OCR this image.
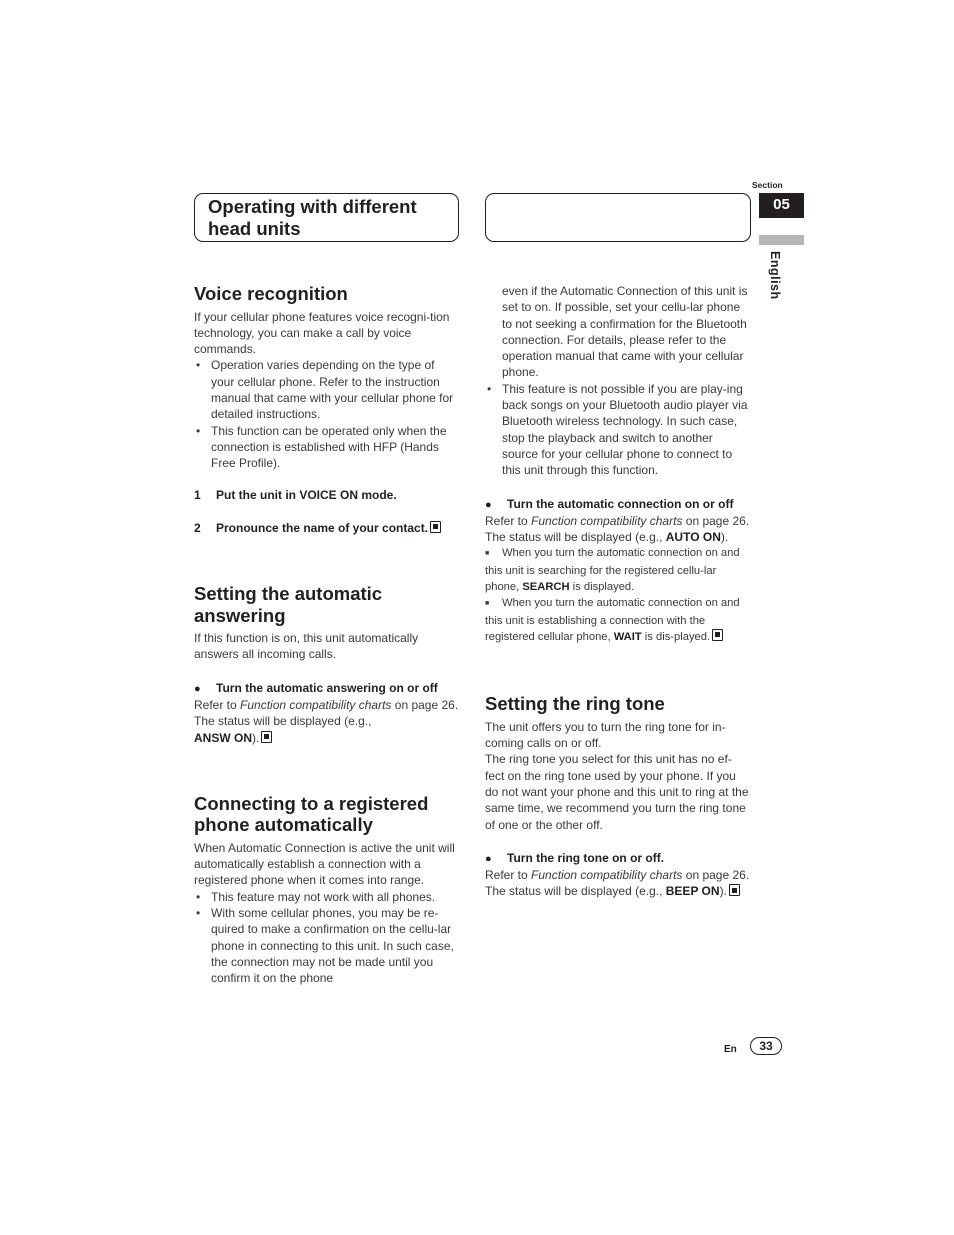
Operating with different head units
Section
05
English
Voice recognition

If your cellular phone features voice recogni-tion technology, you can make a call by voice commands.

• Operation varies depending on the type of your cellular phone. Refer to the instruction manual that came with your cellular phone for detailed instructions.
• This function can be operated only when the connection is established with HFP (Hands Free Profile).
1 Put the unit in VOICE ON mode.
2 Pronounce the name of your contact.
Setting the automatic answering

If this function is on, this unit automatically answers all incoming calls.

● Turn the automatic answering on or off

Refer to Function compatibility charts on page 26.

The status will be displayed (e.g.,

ANSW ON).

Connecting to a registered phone automatically

When Automatic Connection is active the unit will automatically establish a connection with a registered phone when it comes into range.

• This feature may not work with all phones.
• With some cellular phones, you may be re-quired to make a confirmation on the cellu-lar phone in connecting to this unit. In such case, the connection may not be made until you confirm it on the phone

even if the Automatic Connection of this unit is set to on. If possible, set your cellu-lar phone to not seeking a confirmation for the Bluetooth connection. For details, please refer to the operation manual that came with your cellular phone.

• This feature is not possible if you are play-ing back songs on your Bluetooth audio player via Bluetooth wireless technology. In such case, stop the playback and switch to another source for your cellular phone to connect to this unit through this function.
● Turn the automatic connection on or off

Refer to Function compatibility charts on page 26.

The status will be displayed (e.g., AUTO ON).

■ When you turn the automatic connection on and this unit is searching for the registered cellu-lar phone, SEARCH is displayed.
■ When you turn the automatic connection on and this unit is establishing a connection with the registered cellular phone, WAIT is dis-played.
Setting the ring tone

The unit offers you to turn the ring tone for in-coming calls on or off.

The ring tone you select for this unit has no ef-fect on the ring tone used by your phone. If you do not want your phone and this unit to ring at the same time, we recommend you turn the ring tone of one or the other off.

● Turn the ring tone on or off.

Refer to Function compatibility charts on page 26.

The status will be displayed (e.g., BEEP ON).

En	33
